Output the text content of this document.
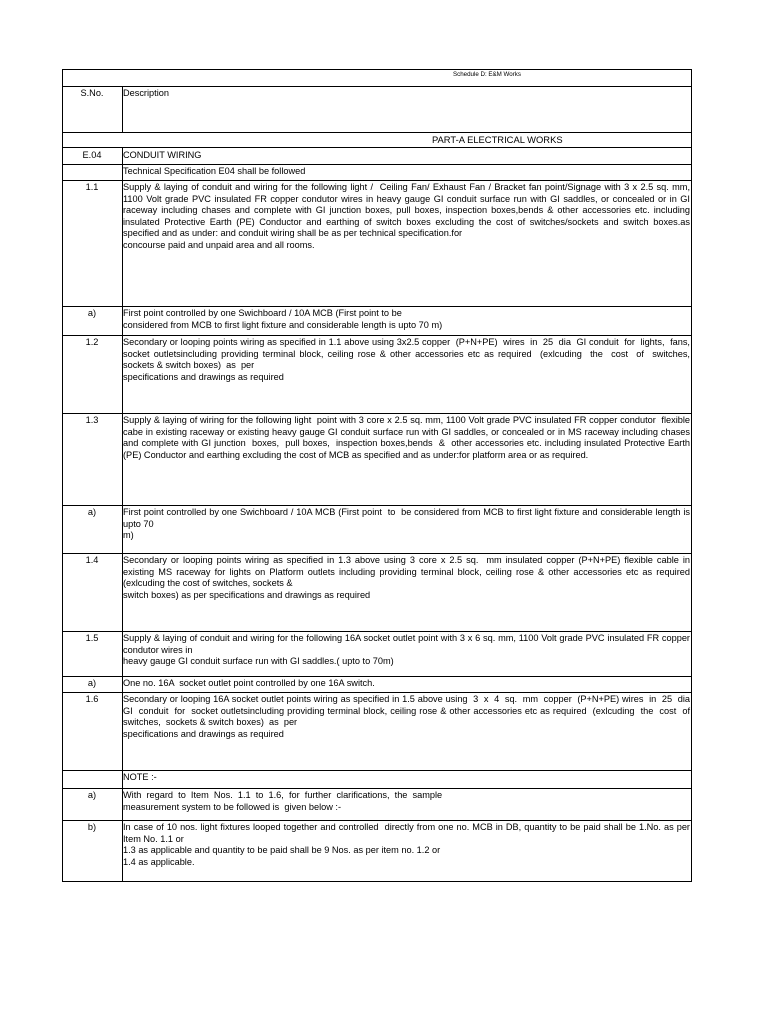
Schedule D: E&M Works
S.No.	Description
PART-A ELECTRICAL WORKS
E.04	CONDUIT WIRING
Technical Specification E04 shall be followed
1.1	Supply & laying of conduit and wiring for the following light /  Ceiling Fan/ Exhaust Fan / Bracket fan point/Signage with 3 x 2.5 sq. mm, 1100 Volt grade PVC insulated FR copper condutor wires in heavy gauge GI conduit surface run with GI saddles, or concealed or in GI raceway including chases and complete with GI junction boxes, pull boxes, inspection boxes,bends & other accessories etc. including insulated Protective Earth (PE) Conductor and earthing of switch boxes excluding the cost of switches/sockets and switch boxes.as specified and as under: and conduit wiring shall be as per technical specification.for
concourse paid and unpaid area and all rooms.
a)	First point controlled by one Swichboard / 10A MCB (First point to be
considered from MCB to first light fixture and considerable length is upto 70 m)
1.2	Secondary or looping points wiring as specified in 1.1 above using 3x2.5 copper  (P+N+PE)  wires  in  25  dia  GI conduit  for  lights,  fans,  socket outletsincluding providing terminal block, ceiling rose & other accessories etc as required  (exlcuding  the  cost  of  switches,  sockets & switch boxes)  as  per
specifications and drawings as required
1.3	Supply & laying of wiring for the following light  point with 3 core x 2.5 sq. mm, 1100 Volt grade PVC insulated FR copper condutor  flexible cabe in existing raceway or existing heavy gauge GI conduit surface run with GI saddles, or concealed or in MS raceway including chases and complete with GI junction  boxes,  pull boxes,  inspection boxes,bends  &  other accessories etc. including insulated Protective Earth (PE) Conductor and earthing excluding the cost of MCB as specified and as under:for platform area or as required.
a)	First point controlled by one Swichboard / 10A MCB (First point  to  be considered from MCB to first light fixture and considerable length is upto 70
m)
1.4	Secondary or looping points wiring as specified in 1.3 above using 3 core x 2.5 sq.  mm insulated copper (P+N+PE) flexible cable in existing MS raceway for lights on Platform outlets including providing terminal block, ceiling rose & other accessories etc as required (exlcuding the cost of switches, sockets &
switch boxes) as per specifications and drawings as required
1.5	Supply & laying of conduit and wiring for the following 16A socket outlet point with 3 x 6 sq. mm, 1100 Volt grade PVC insulated FR copper condutor wires in
heavy gauge GI conduit surface run with GI saddles.( upto to 70m)
a)	One no. 16A  socket outlet point controlled by one 16A switch.
1.6	Secondary or looping 16A socket outlet points wiring as specified in 1.5 above using  3  x  4  sq.  mm  copper  (P+N+PE) wires  in  25  dia  GI  conduit  for  socket outletsincluding providing terminal block, ceiling rose & other accessories etc as required  (exlcuding  the  cost  of  switches,  sockets & switch boxes)  as  per
specifications and drawings as required
NOTE :-
a)	With  regard  to  Item  Nos.  1.1  to  1.6,  for  further  clarifications,  the  sample
measurement system to be followed is  given below :-
b)	In case of 10 nos. light fixtures looped together and controlled  directly from one no. MCB in DB, quantity to be paid shall be 1.No. as per Item No. 1.1 or
1.3 as applicable and quantity to be paid shall be 9 Nos. as per item no. 1.2 or
1.4 as applicable.
